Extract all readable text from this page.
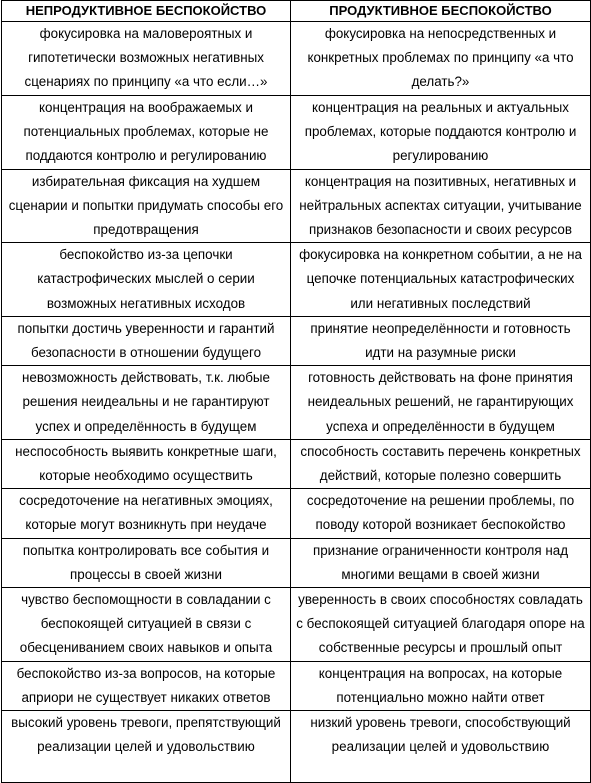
НЕПРОДУКТИВНОЕ БЕСПОКОЙСТВО	ПРОДУКТИВНОЕ БЕСПОКОЙСТВО
фокусировка на маловероятных и гипотетически возможных негативных сценариях по принципу «а что если…»	фокусировка на непосредственных и конкретных проблемах по принципу «а что делать?»
концентрация на воображаемых и потенциальных проблемах, которые не поддаются контролю и регулированию	концентрация на реальных и актуальных проблемах, которые поддаются контролю и регулированию
избирательная фиксация на худшем сценарии и попытки придумать способы его предотвращения	концентрация на позитивных, негативных и нейтральных аспектах ситуации, учитывание признаков безопасности и своих ресурсов
беспокойство из-за цепочки катастрофических мыслей о серии возможных негативных исходов	фокусировка на конкретном событии, а не на цепочке потенциальных катастрофических или негативных последствий
попытки достичь уверенности и гарантий безопасности в отношении будущего	принятие неопределённости и готовность идти на разумные риски
невозможность действовать, т.к. любые решения неидеальны и не гарантируют успех и определённость в будущем	готовность действовать на фоне принятия неидеальных решений, не гарантирующих успеха и определённости в будущем
неспособность выявить конкретные шаги, которые необходимо осуществить	способность составить перечень конкретных действий, которые полезно совершить
сосредоточение на негативных эмоциях, которые могут возникнуть при неудаче	сосредоточение на решении проблемы, по поводу которой возникает беспокойство
попытка контролировать все события и процессы в своей жизни	признание ограниченности контроля над многими вещами в своей жизни
чувство беспомощности в совладании с беспокоящей ситуацией в связи с обесцениванием своих навыков и опыта	уверенность в своих способностях совладать с беспокоящей ситуацией благодаря опоре на собственные ресурсы и прошлый опыт
беспокойство из-за вопросов, на которые априори не существует никаких ответов	концентрация на вопросах, на которые потенциально можно найти ответ
высокий уровень тревоги, препятствующий реализации целей и удовольствию	низкий уровень тревоги, способствующий реализации целей и удовольствию
